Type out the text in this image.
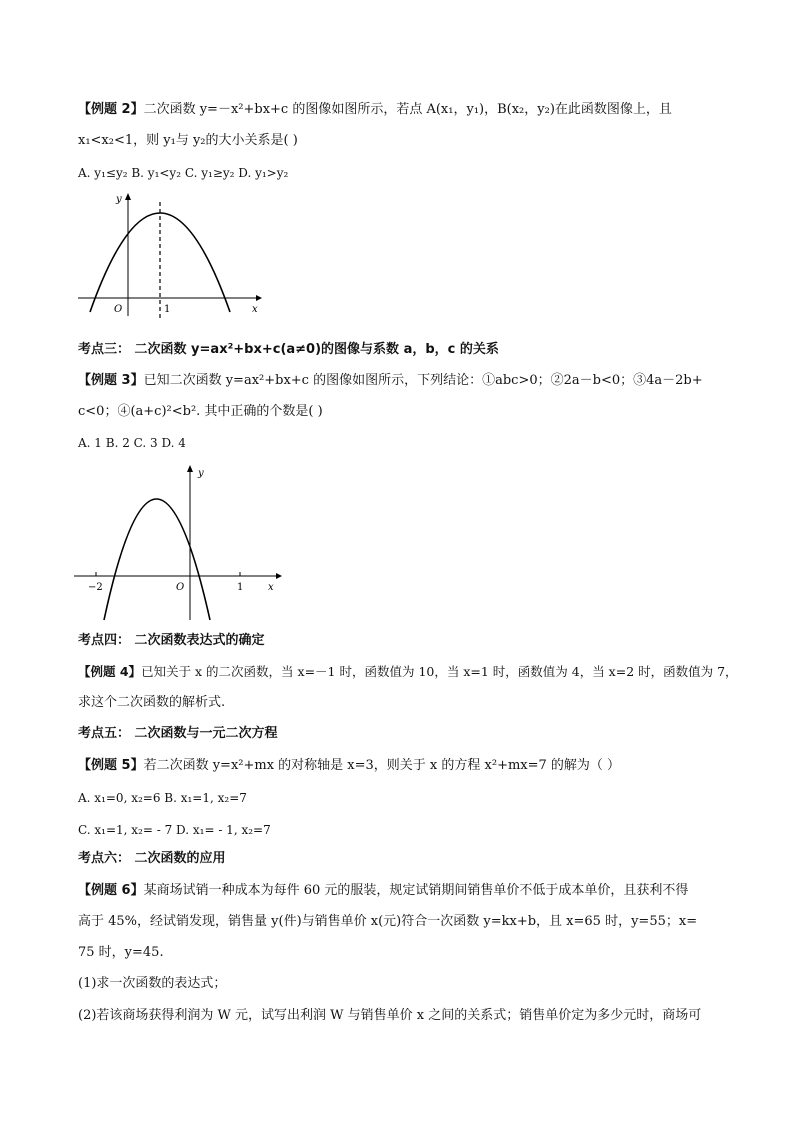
【例题 2】二次函数 y=－x²+bx+c 的图像如图所示，若点 A(x₁，y₁)，B(x₂，y₂)在此函数图像上，且
x₁<x₂<1，则 y₁与 y₂的大小关系是( )
A. y₁≤y₂ B. y₁<y₂ C. y₁≥y₂ D. y₁>y₂
y
O	1	x
考点三： 二次函数 y=ax²+bx+c(a≠0)的图像与系数 a，b，c 的关系
【例题 3】已知二次函数 y=ax²+bx+c 的图像如图所示，下列结论：①abc>0；②2a－b<0；③4a－2b+
c<0；④(a+c)²<b². 其中正确的个数是( )
A. 1 B. 2 C. 3 D. 4
y
−2	O	1 x
考点四： 二次函数表达式的确定
【例题 4】已知关于 x 的二次函数，当 x=－1 时，函数值为 10，当 x=1 时，函数值为 4，当 x=2 时，函数值为 7，
求这个二次函数的解析式.
考点五： 二次函数与一元二次方程
【例题 5】若二次函数 y=x²+mx 的对称轴是 x=3，则关于 x 的方程 x²+mx=7 的解为（ ）
A. x₁=0, x₂=6 B. x₁=1, x₂=7
C. x₁=1, x₂= - 7 D. x₁= - 1, x₂=7
考点六： 二次函数的应用
【例题 6】某商场试销一种成本为每件 60 元的服装，规定试销期间销售单价不低于成本单价，且获利不得
高于 45%，经试销发现，销售量 y(件)与销售单价 x(元)符合一次函数 y=kx+b，且 x=65 时，y=55；x=
75 时，y=45.
(1)求一次函数的表达式；
(2)若该商场获得利润为 W 元，试写出利润 W 与销售单价 x 之间的关系式；销售单价定为多少元时，商场可
